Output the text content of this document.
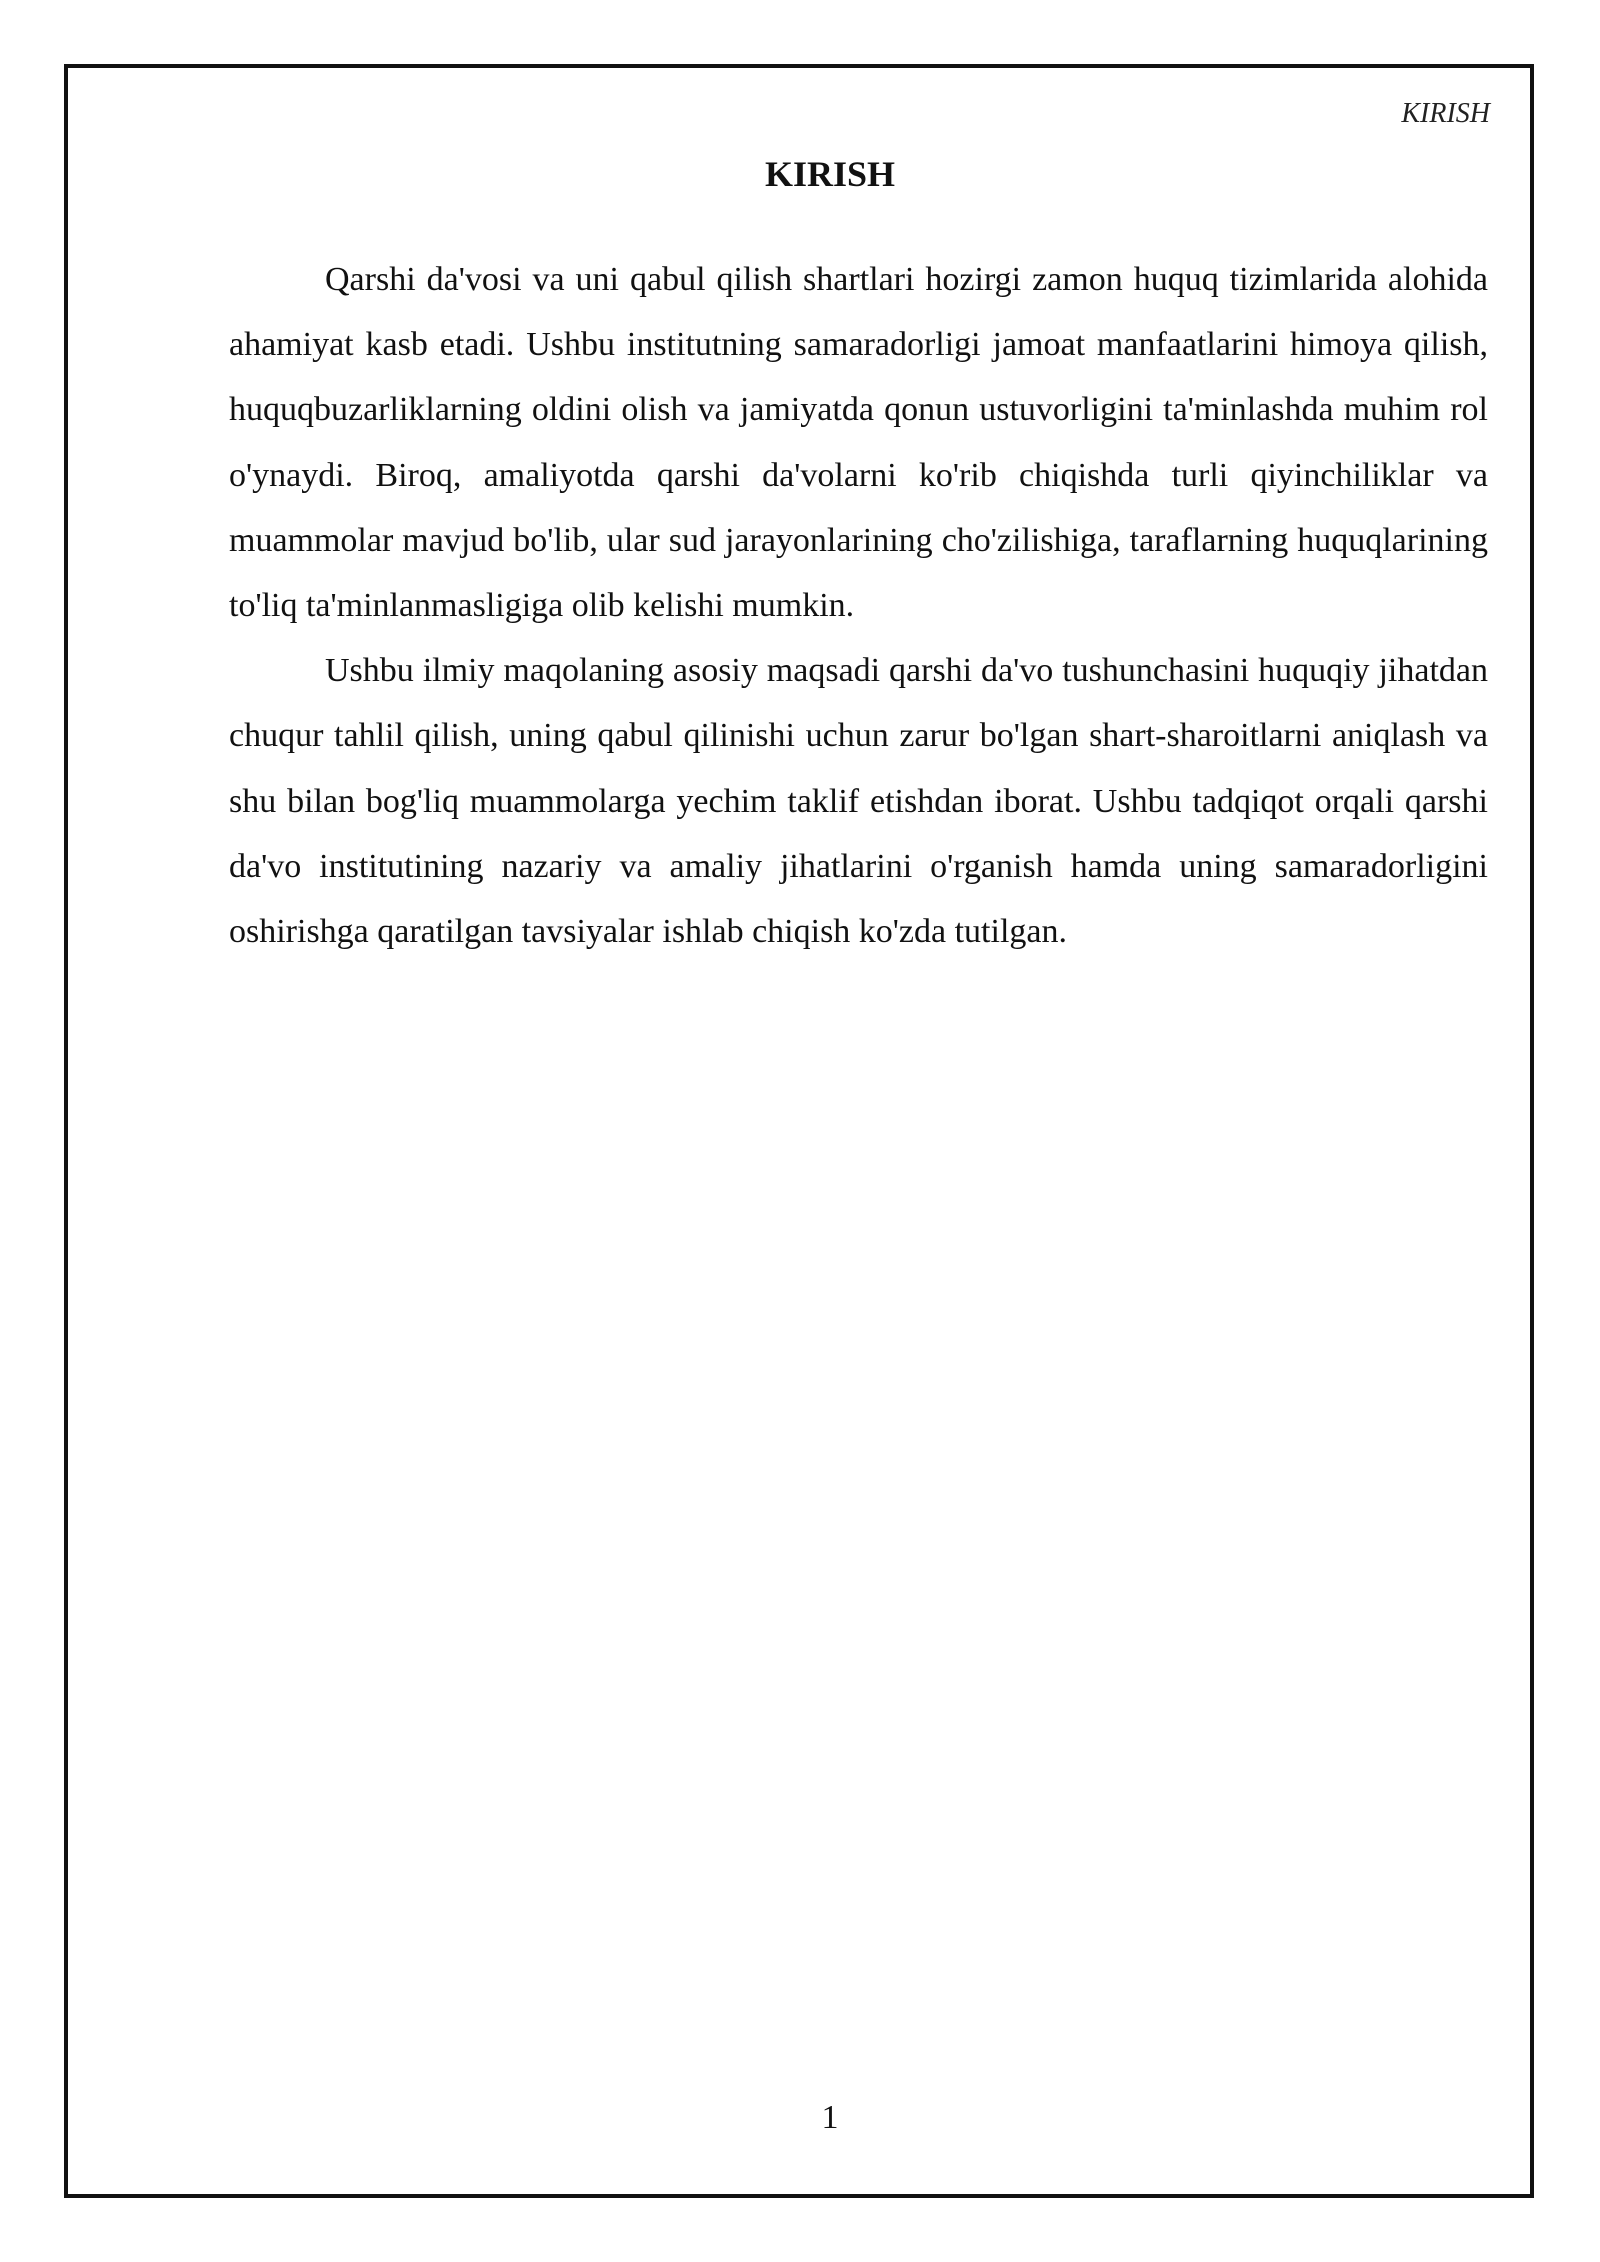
KIRISH
KIRISH

Qarshi da'vosi va uni qabul qilish shartlari hozirgi zamon huquq tizimlarida alohida ahamiyat kasb etadi. Ushbu institutning samaradorligi jamoat manfaatlarini himoya qilish, huquqbuzarliklarning oldini olish va jamiyatda qonun ustuvorligini ta'minlashda muhim rol o'ynaydi. Biroq, amaliyotda qarshi da'volarni ko'rib chiqishda turli qiyinchiliklar va muammolar mavjud bo'lib, ular sud jarayonlarining cho'zilishiga, taraflarning huquqlarining to'liq ta'minlanmasligiga olib kelishi mumkin.

Ushbu ilmiy maqolaning asosiy maqsadi qarshi da'vo tushunchasini huquqiy jihatdan chuqur tahlil qilish, uning qabul qilinishi uchun zarur bo'lgan shart-sharoitlarni aniqlash va shu bilan bog'liq muammolarga yechim taklif etishdan iborat. Ushbu tadqiqot orqali qarshi da'vo institutining nazariy va amaliy jihatlarini o'rganish hamda uning samaradorligini oshirishga qaratilgan tavsiyalar ishlab chiqish ko'zda tutilgan.

1
